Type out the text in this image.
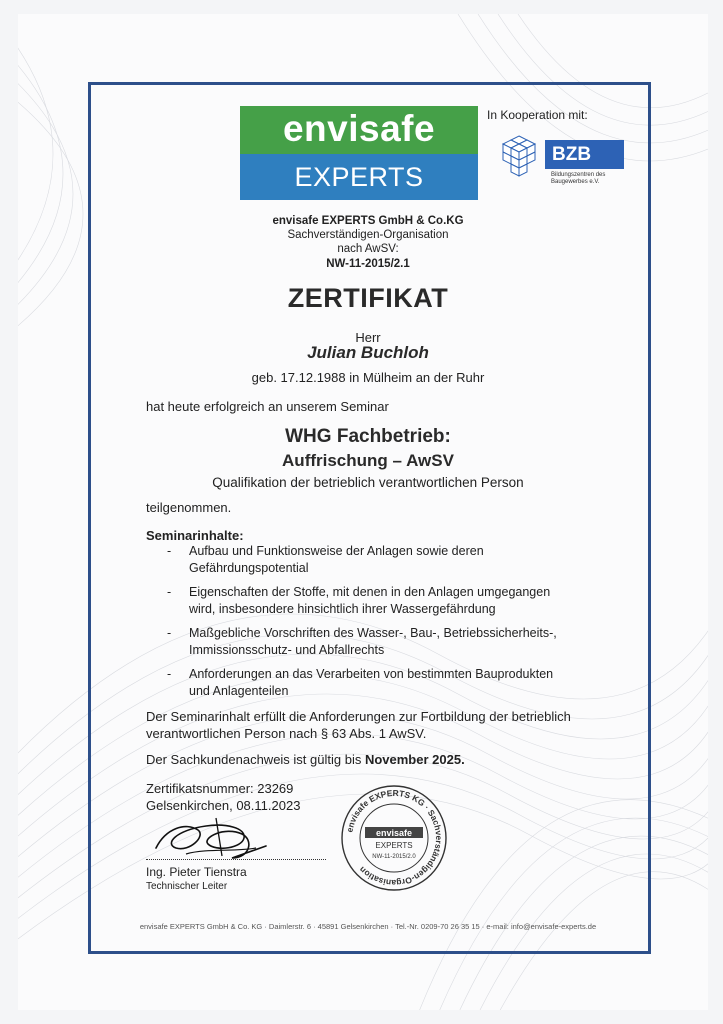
envisafe
EXPERTS
In Kooperation mit:
BZB
Bildungszentren des
Baugewerbes e.V.
envisafe EXPERTS GmbH & Co.KG
Sachverständigen-Organisation
nach AwSV:
NW-11-2015/2.1
ZERTIFIKAT
Herr
Julian Buchloh
geb. 17.12.1988 in Mülheim an der Ruhr
hat heute erfolgreich an unserem Seminar
WHG Fachbetrieb:
Auffrischung – AwSV
Qualifikation der betrieblich verantwortlichen Person
teilgenommen.
Seminarinhalte:
- Aufbau und Funktionsweise der Anlagen sowie deren
Gefährdungspotential
- Eigenschaften der Stoffe, mit denen in den Anlagen umgegangen
wird, insbesondere hinsichtlich ihrer Wassergefährdung
- Maßgebliche Vorschriften des Wasser-, Bau-, Betriebssicherheits-,
Immissionsschutz- und Abfallrechts
- Anforderungen an das Verarbeiten von bestimmten Bauprodukten
und Anlagenteilen
Der Seminarinhalt erfüllt die Anforderungen zur Fortbildung der betrieblich verantwortlichen Person nach § 63 Abs. 1 AwSV.
Der Sachkundenachweis ist gültig bis November 2025.
Zertifikatsnummer: 23269
Gelsenkirchen, 08.11.2023
Ing. Pieter Tienstra
Technischer Leiter
envisafe EXPERTS KG · Sachverständigen-Organisation
envisafe
EXPERTS
NW-11-2015/2.0
envisafe EXPERTS GmbH & Co. KG · Daimlerstr. 6 · 45891 Gelsenkirchen · Tel.-Nr. 0209-70 26 35 15 · e-mail: info@envisafe-experts.de
